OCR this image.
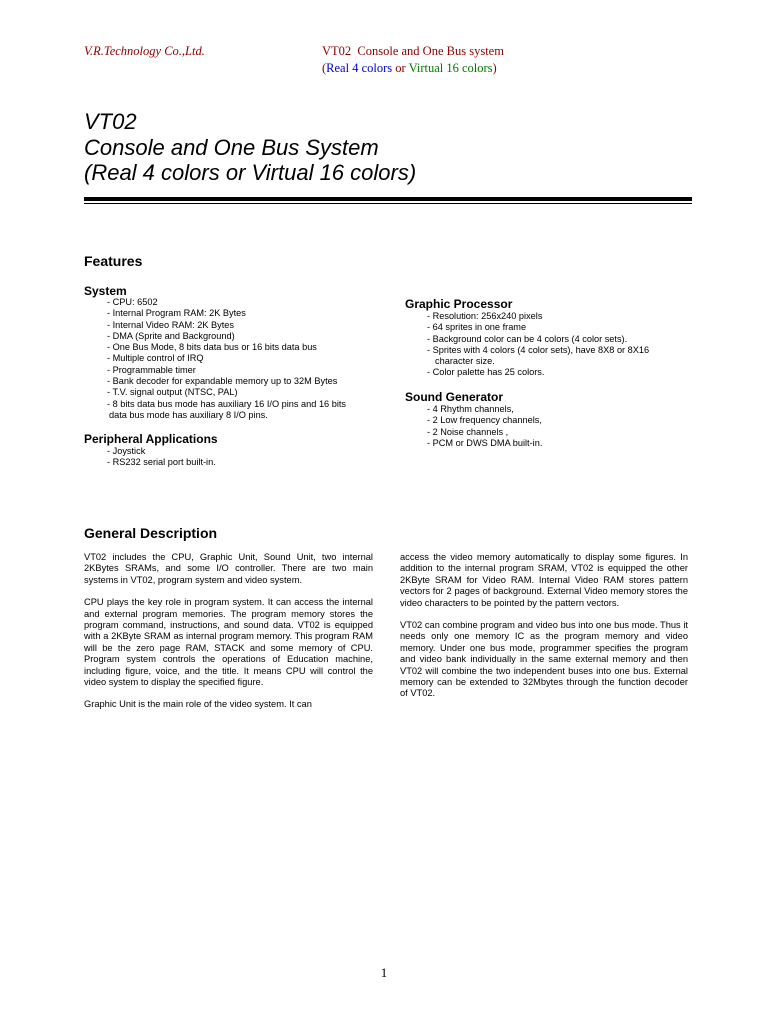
V.R.Technology Co.,Ltd.	VT02  Console and One Bus system
(Real 4 colors or Virtual 16 colors)
VT02
Console and One Bus System
(Real 4 colors or Virtual 16 colors)
Features
System
- CPU: 6502
- Internal Program RAM: 2K Bytes
- Internal Video RAM: 2K Bytes
- DMA (Sprite and Background)
- One Bus Mode, 8 bits data bus or 16 bits data bus
- Multiple control of IRQ
- Programmable timer
- Bank decoder for expandable memory up to 32M Bytes
- T.V. signal output (NTSC, PAL)
- 8 bits data bus mode has auxiliary 16 I/O pins and 16 bits
data bus mode has auxiliary 8 I/O pins.
Peripheral Applications
- Joystick
- RS232 serial port built-in.
Graphic Processor
- Resolution: 256x240 pixels
- 64 sprites in one frame
- Background color can be 4 colors (4 color sets).
- Sprites with 4 colors (4 color sets), have 8X8 or 8X16
character size.
- Color palette has 25 colors.
Sound Generator
- 4 Rhythm channels,
- 2 Low frequency channels,
- 2 Noise channels ,
- PCM or DWS DMA built-in.
General Description

VT02 includes the CPU, Graphic Unit, Sound Unit, two internal 2KBytes SRAMs, and some I/O controller. There are two main systems in VT02, program system and video system.

CPU plays the key role in program system. It can access the internal and external program memories. The program memory stores the program command, instructions, and sound data. VT02 is equipped with a 2KByte SRAM as internal program memory. This program RAM will be the zero page RAM, STACK and some memory of CPU. Program system controls the operations of Education machine, including figure, voice, and the title. It means CPU will control the video system to display the specified figure.

Graphic Unit is the main role of the video system. It can

access the video memory automatically to display some figures. In addition to the internal program SRAM, VT02 is equipped the other 2KByte SRAM for Video RAM. Internal Video RAM stores pattern vectors for 2 pages of background. External Video memory stores the video characters to be pointed by the pattern vectors.

VT02 can combine program and video bus into one bus mode. Thus it needs only one memory IC as the program memory and video memory. Under one bus mode, programmer specifies the program and video bank individually in the same external memory and then VT02 will combine the two independent buses into one bus. External memory can be extended to 32Mbytes through the function decoder of VT02.

1
